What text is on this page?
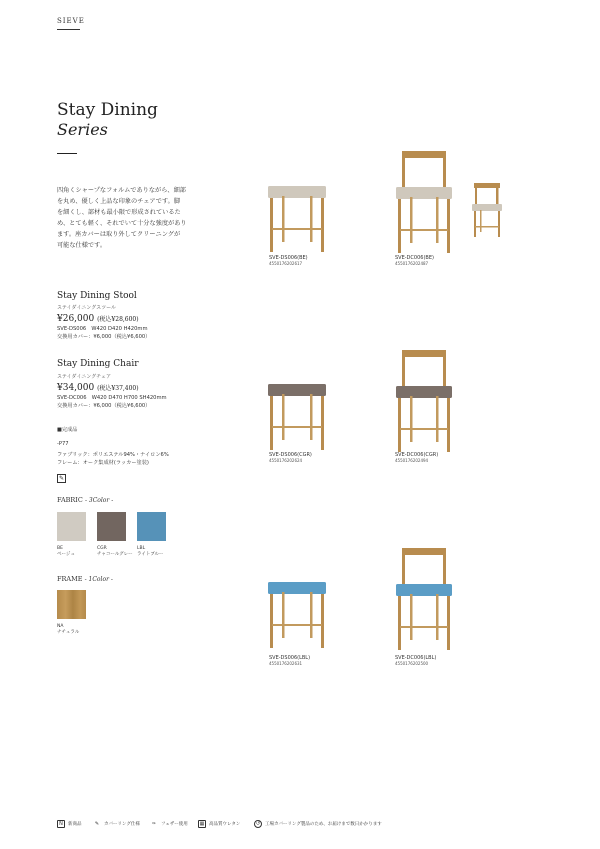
SIEVE
Stay Dining
Series

四角くシャープなフォルムでありながら、細部

を丸め、優しく上品な印象のチェアです。脚

を細くし、部材も最小限で形成されているた

め、とても軽く、それでいて十分な強度があり

ます。座カバーは取り外してクリーニングが

可能な仕様です。

Stay Dining Stool
ステイダイニングスツール
¥26,000 (税込¥28,600)
SVE-DS006　W420 D420 H420mm
交換用カバー：¥6,000（税込¥6,600）
Stay Dining Chair
ステイダイニングチェア
¥34,000 (税込¥37,400)
SVE-DC006　W420 D470 H700 SH420mm
交換用カバー：¥6,000（税込¥6,600）
■完成品
-P77
ファブリック：ポリエステル94%・ナイロン6%
フレーム：オーク集成材(ラッカー塗装)
✎
FABRIC - 3Color -
BE
ベージュ
CGR
チャコールグレー
LBL
ライトブルー
FRAME - 1Color -
NA
ナチュラル
SVE-DS006(BE)
4550176202617
SVE-DC006(BE)
4550176202487
SVE-DS006(CGR)
4550176202624
SVE-DC006(CGR)
4550176202494
SVE-DS006(LBL)
4550176202631
SVE-DC006(LBL)
4550176202500
N	新商品	✎	カバーリング仕様	✑	フェザー使用	▦	高品質ウレタン	↺	工場カバーリング製品のため、お届けまで数日かかります
